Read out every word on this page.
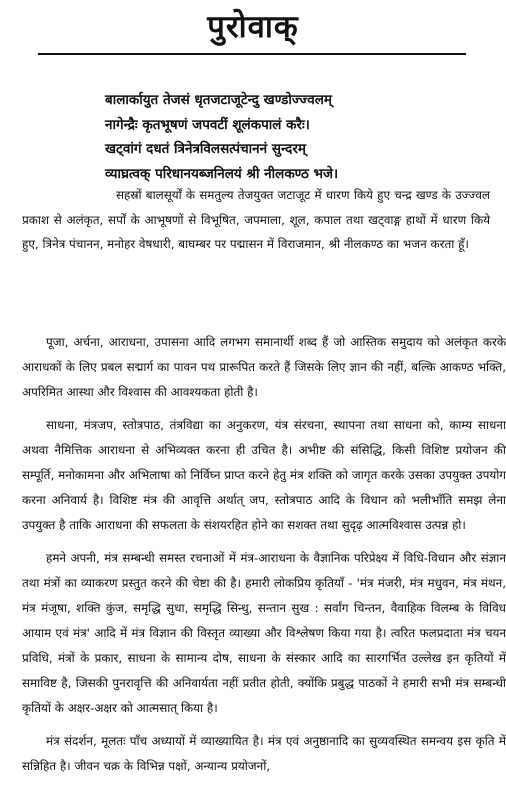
पुरोवाक्
बालार्कायुत तेजसं धृतजटाजूटेन्दु खण्डोज्ज्वलम्
नागेन्द्रैः कृतभूषणं जपवटीं शूलंकपालं करैः।
खट्वांगं दधतं त्रिनेत्रविलसत्पंचाननं सुन्दरम्
व्याघ्रत्वक् परिधानयब्जनिलयं श्री नीलकण्ठ भजे।
सहस्रों बालसूर्यों के समतुल्य तेजयुक्त जटाजूट में धारण किये हुए चन्द्र खण्ड के उज्ज्वल प्रकाश से अलंकृत, सर्पों के आभूषणों से विभूषित, जपमाला, शूल, कपाल तथा खट्वाङ्ग हाथों में धारण किये हुए, त्रिनेत्र पंचानन, मनोहर वेषधारी, बाघम्बर पर पद्मासन में विराजमान, श्री नीलकण्ठ का भजन करता हूँ।

पूजा, अर्चना, आराधना, उपासना आदि लगभग समानार्थी शब्द हैं जो आस्तिक समुदाय को अलंकृत करके आराधकों के लिए प्रबल सद्मार्ग का पावन पथ प्रारूपित करते हैं जिसके लिए ज्ञान की नहीं, बल्कि आकण्ठ भक्ति, अपरिमित आस्था और विश्वास की आवश्यकता होती है।

साधना, मंत्रजप, स्तोत्रपाठ, तंत्रविद्या का अनुकरण, यंत्र संरचना, स्थापना तथा साधना को, काम्य साधना अथवा नैमित्तिक आराधना से अभिव्यक्त करना ही उचित है। अभीष्ट की संसिद्धि, किसी विशिष्ट प्रयोजन की सम्पूर्ति, मनोकामना और अभिलाषा को निर्विघ्न प्राप्त करने हेतु मंत्र शक्ति को जागृत करके उसका उपयुक्त उपयोग करना अनिवार्य है। विशिष्ट मंत्र की आवृत्ति अर्थात् जप, स्तोत्रपाठ आदि के विधान को भलीभाँति समझ लेना उपयुक्त है ताकि आराधना की सफलता के संशयरहित होने का सशक्त तथा सुदृढ़ आत्मविश्वास उत्पन्न हो।

हमने अपनी, मंत्र सम्बन्धी समस्त रचनाओं में मंत्र-आराधना के वैज्ञानिक परिप्रेक्ष्य में विधि-विधान और संज्ञान तथा मंत्रों का व्याकरण प्रस्तुत करने की चेष्टा की है। हमारी लोकप्रिय कृतियाँ - 'मंत्र मंजरी, मंत्र मधुवन, मंत्र मंथन, मंत्र मंजूषा, शक्ति कुंज, समृद्धि सुधा, समृद्धि सिन्धु, सन्तान सुख : सर्वांग चिन्तन, वैवाहिक विलम्ब के विविध आयाम एवं मंत्र' आदि में मंत्र विज्ञान की विस्तृत व्याख्या और विश्लेषण किया गया है। त्वरित फलप्रदाता मंत्र चयन प्रविधि, मंत्रों के प्रकार, साधना के सामान्य दोष, साधना के संस्कार आदि का सारगर्भित उल्लेख इन कृतियों में समाविष्ट है, जिसकी पुनरावृत्ति की अनिवार्यता नहीं प्रतीत होती, क्योंकि प्रबुद्ध पाठकों ने हमारी सभी मंत्र सम्बन्धी कृतियों के अक्षर-अक्षर को आत्मसात् किया है।

मंत्र संदर्शन, मूलतः पाँच अध्यायों में व्याख्यायित है। मंत्र एवं अनुष्ठानादि का सुव्यवस्थित समन्वय इस कृति में सन्निहित है। जीवन चक्र के विभिन्न पक्षों, अन्यान्य प्रयोजनों,
